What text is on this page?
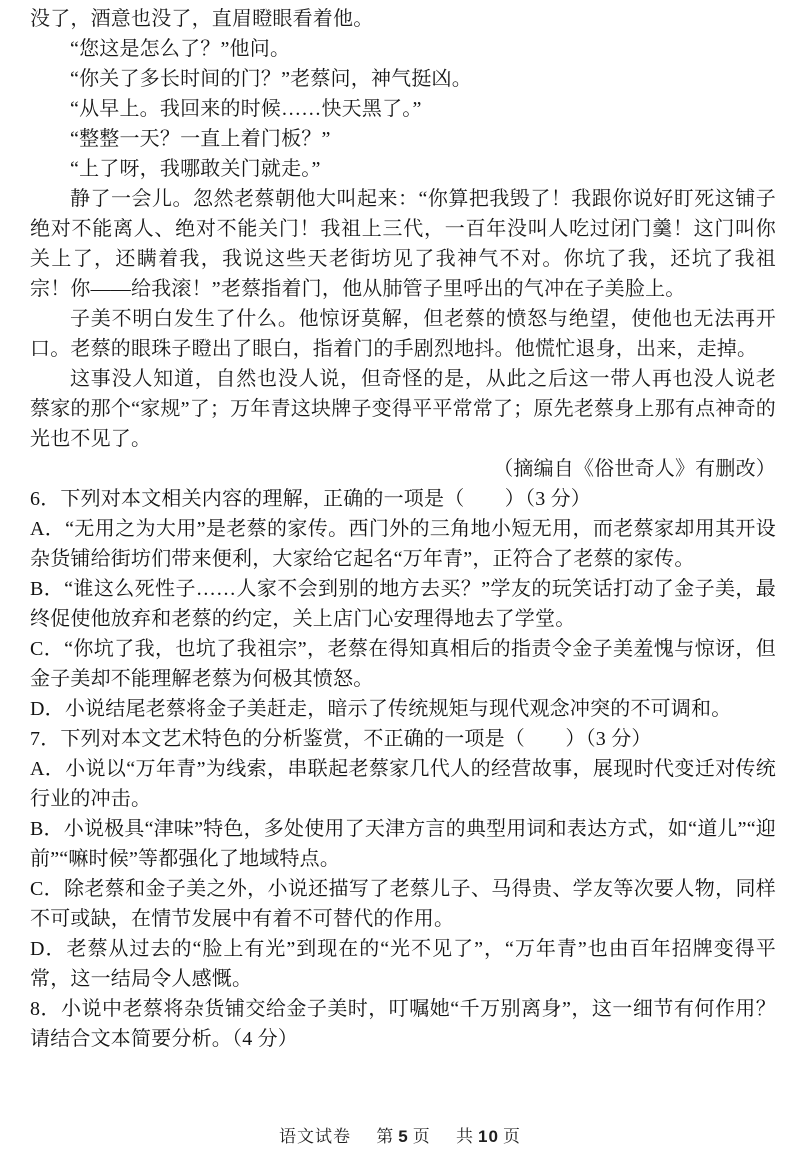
没了，酒意也没了，直眉瞪眼看着他。

“您这是怎么了？”他问。

“你关了多长时间的门？”老蔡问，神气挺凶。

“从早上。我回来的时候……快天黑了。”

“整整一天？一直上着门板？”

“上了呀，我哪敢关门就走。”

静了一会儿。忽然老蔡朝他大叫起来：“你算把我毁了！我跟你说好盯死这铺子绝对不能离人、绝对不能关门！我祖上三代，一百年没叫人吃过闭门羹！这门叫你关上了，还瞒着我，我说这些天老街坊见了我神气不对。你坑了我，还坑了我祖宗！你——给我滚！”老蔡指着门，他从肺管子里呼出的气冲在子美脸上。

子美不明白发生了什么。他惊讶莫解，但老蔡的愤怒与绝望，使他也无法再开口。老蔡的眼珠子瞪出了眼白，指着门的手剧烈地抖。他慌忙退身，出来，走掉。

这事没人知道，自然也没人说，但奇怪的是，从此之后这一带人再也没人说老蔡家的那个“家规”了；万年青这块牌子变得平平常常了；原先老蔡身上那有点神奇的光也不见了。

（摘编自《俗世奇人》有删改）

6．下列对本文相关内容的理解，正确的一项是（　　）（3 分）

A．“无用之为大用”是老蔡的家传。西门外的三角地小短无用，而老蔡家却用其开设杂货铺给街坊们带来便利，大家给它起名“万年青”，正符合了老蔡的家传。

B．“谁这么死性子……人家不会到别的地方去买？”学友的玩笑话打动了金子美，最终促使他放弃和老蔡的约定，关上店门心安理得地去了学堂。

C．“你坑了我，也坑了我祖宗”，老蔡在得知真相后的指责令金子美羞愧与惊讶，但金子美却不能理解老蔡为何极其愤怒。

D．小说结尾老蔡将金子美赶走，暗示了传统规矩与现代观念冲突的不可调和。

7．下列对本文艺术特色的分析鉴赏，不正确的一项是（　　）（3 分）

A．小说以“万年青”为线索，串联起老蔡家几代人的经营故事，展现时代变迁对传统行业的冲击。

B．小说极具“津味”特色，多处使用了天津方言的典型用词和表达方式，如“道儿”“迎前”“嘛时候”等都强化了地域特点。

C．除老蔡和金子美之外，小说还描写了老蔡儿子、马得贵、学友等次要人物，同样不可或缺，在情节发展中有着不可替代的作用。

D．老蔡从过去的“脸上有光”到现在的“光不见了”，“万年青”也由百年招牌变得平常，这一结局令人感慨。

8．小说中老蔡将杂货铺交给金子美时，叮嘱她“千万别离身”，这一细节有何作用？请结合文本简要分析。（4 分）

语文试卷 第 5 页 共 10 页
